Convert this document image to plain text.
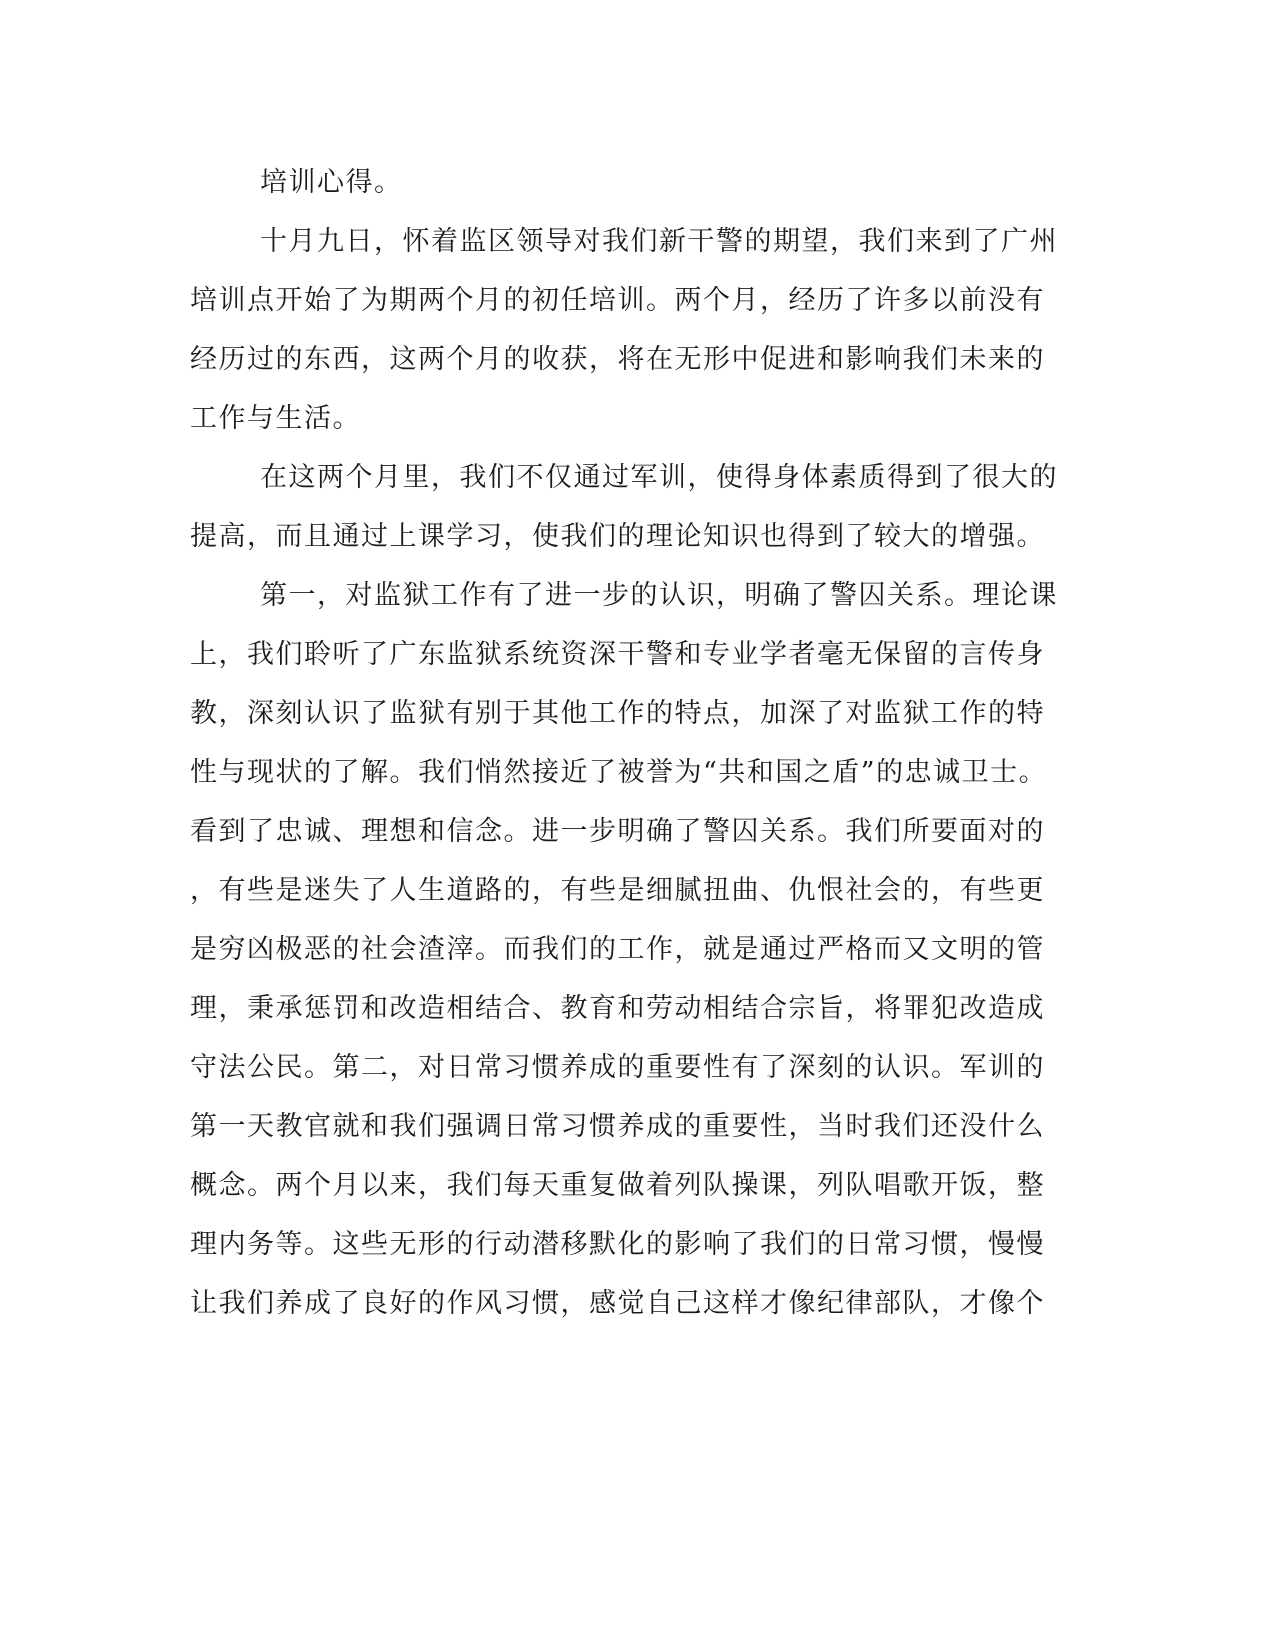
培训心得。
十月九日，怀着监区领导对我们新干警的期望，我们来到了广州
培训点开始了为期两个月的初任培训。两个月，经历了许多以前没有
经历过的东西，这两个月的收获，将在无形中促进和影响我们未来的
工作与生活。
在这两个月里，我们不仅通过军训，使得身体素质得到了很大的
提高，而且通过上课学习，使我们的理论知识也得到了较大的增强。
第一，对监狱工作有了进一步的认识，明确了警囚关系。理论课
上，我们聆听了广东监狱系统资深干警和专业学者毫无保留的言传身
教，深刻认识了监狱有别于其他工作的特点，加深了对监狱工作的特
性与现状的了解。我们悄然接近了被誉为“共和国之盾”的忠诚卫士。
看到了忠诚、理想和信念。进一步明确了警囚关系。我们所要面对的
，有些是迷失了人生道路的，有些是细腻扭曲、仇恨社会的，有些更
是穷凶极恶的社会渣滓。而我们的工作，就是通过严格而又文明的管
理，秉承惩罚和改造相结合、教育和劳动相结合宗旨，将罪犯改造成
守法公民。第二，对日常习惯养成的重要性有了深刻的认识。军训的
第一天教官就和我们强调日常习惯养成的重要性，当时我们还没什么
概念。两个月以来，我们每天重复做着列队操课，列队唱歌开饭，整
理内务等。这些无形的行动潜移默化的影响了我们的日常习惯，慢慢
让我们养成了良好的作风习惯，感觉自己这样才像纪律部队，才像个
